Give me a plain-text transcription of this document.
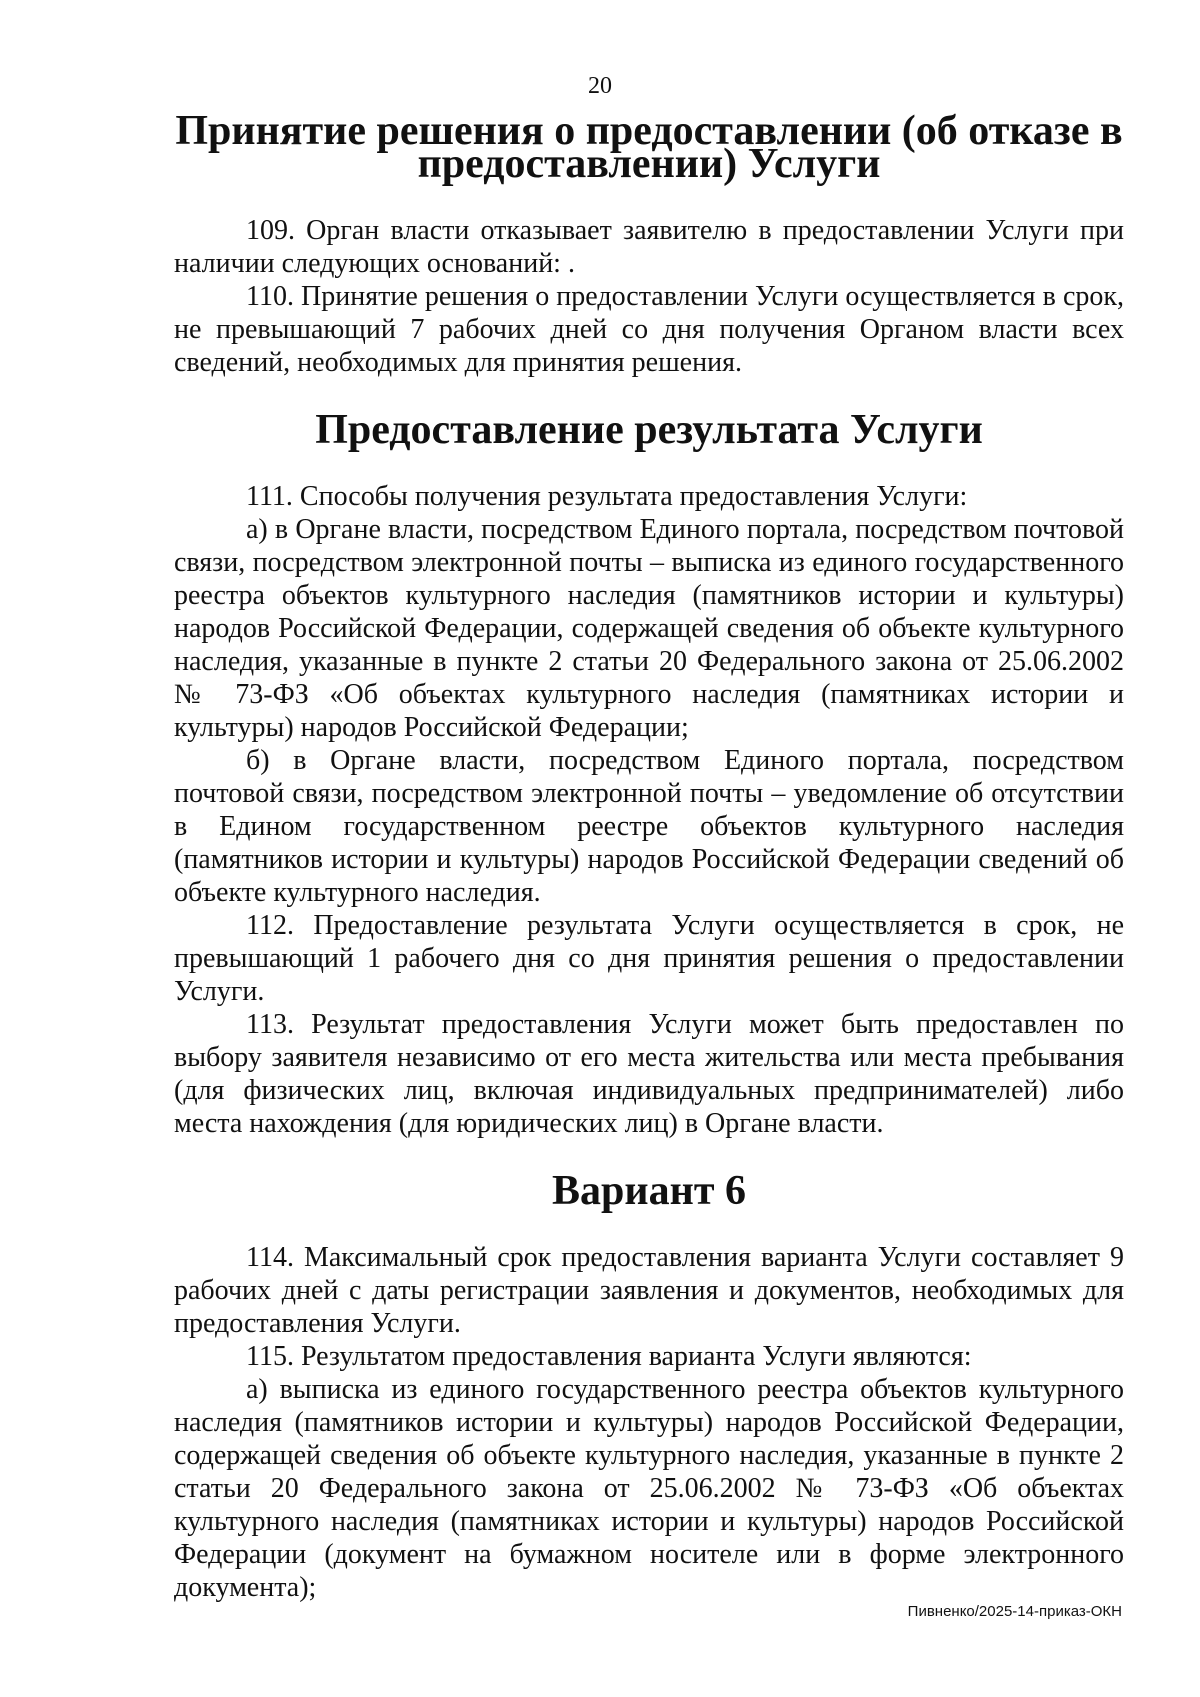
20
Принятие решения о предоставлении (об отказе в предоставлении) Услуги

109. Орган власти отказывает заявителю в предоставлении Услуги при наличии следующих оснований: .

110. Принятие решения о предоставлении Услуги осуществляется в срок, не превышающий 7 рабочих дней со дня получения Органом власти всех сведений, необходимых для принятия решения.

Предоставление результата Услуги

111. Способы получения результата предоставления Услуги:

а) в Органе власти, посредством Единого портала, посредством почтовой связи, посредством электронной почты – выписка из единого государственного реестра объектов культурного наследия (памятников истории и культуры) народов Российской Федерации, содержащей сведения об объекте культурного наследия, указанные в пункте 2 статьи 20 Федерального закона от 25.06.2002 № 73-ФЗ «Об объектах культурного наследия (памятниках истории и культуры) народов Российской Федерации;

б) в Органе власти, посредством Единого портала, посредством почтовой связи, посредством электронной почты – уведомление об отсутствии в Едином государственном реестре объектов культурного наследия (памятников истории и культуры) народов Российской Федерации сведений об объекте культурного наследия.

112. Предоставление результата Услуги осуществляется в срок, не превышающий 1 рабочего дня со дня принятия решения о предоставлении Услуги.

113. Результат предоставления Услуги может быть предоставлен по выбору заявителя независимо от его места жительства или места пребывания (для физических лиц, включая индивидуальных предпринимателей) либо места нахождения (для юридических лиц) в Органе власти.

Вариант 6

114. Максимальный срок предоставления варианта Услуги составляет 9 рабочих дней с даты регистрации заявления и документов, необходимых для предоставления Услуги.

115. Результатом предоставления варианта Услуги являются:

а) выписка из единого государственного реестра объектов культурного наследия (памятников истории и культуры) народов Российской Федерации, содержащей сведения об объекте культурного наследия, указанные в пункте 2 статьи 20 Федерального закона от 25.06.2002 № 73-ФЗ «Об объектах культурного наследия (памятниках истории и культуры) народов Российской Федерации (документ на бумажном носителе или в форме электронного документа);

Пивненко/2025-14-приказ-ОКН
